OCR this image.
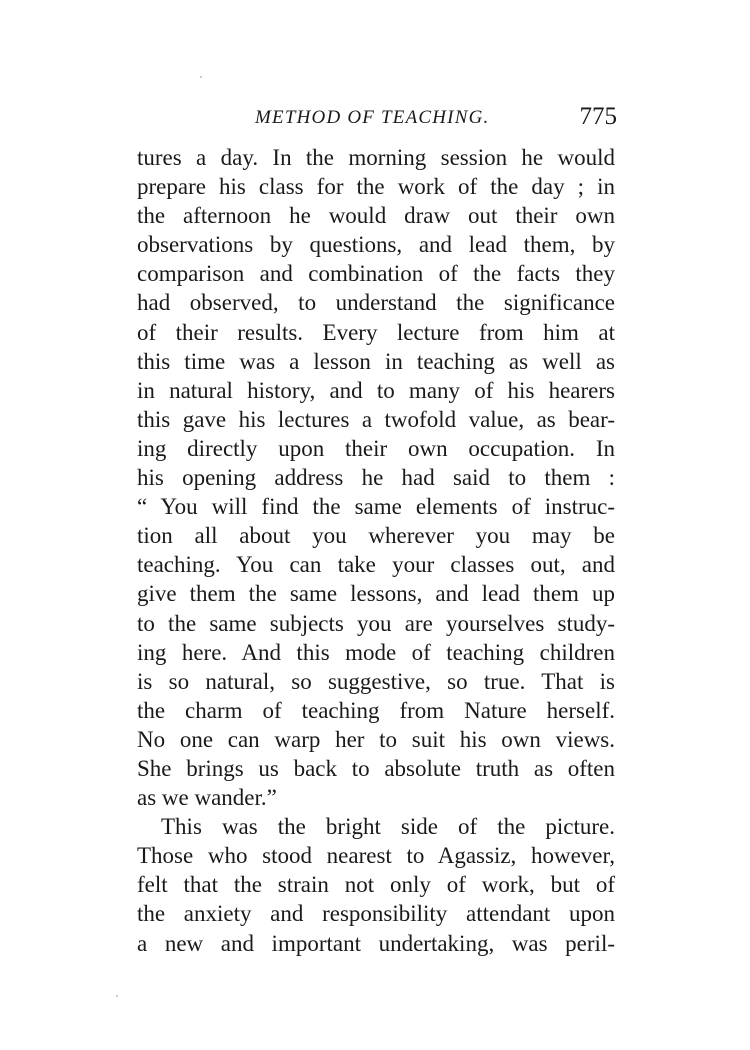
METHOD OF TEACHING.	775
tures a day. In the morning session he would
prepare his class for the work of the day ; in
the afternoon he would draw out their own
observations by questions, and lead them, by
comparison and combination of the facts they
had observed, to understand the significance
of their results. Every lecture from him at
this time was a lesson in teaching as well as
in natural history, and to many of his hearers
this gave his lectures a twofold value, as bear-
ing directly upon their own occupation. In
his opening address he had said to them :
“ You will find the same elements of instruc-
tion all about you wherever you may be
teaching. You can take your classes out, and
give them the same lessons, and lead them up
to the same subjects you are yourselves study-
ing here. And this mode of teaching children
is so natural, so suggestive, so true. That is
the charm of teaching from Nature herself.
No one can warp her to suit his own views.
She brings us back to absolute truth as often
as we wander.”
This was the bright side of the picture.
Those who stood nearest to Agassiz, however,
felt that the strain not only of work, but of
the anxiety and responsibility attendant upon
a new and important undertaking, was peril-
